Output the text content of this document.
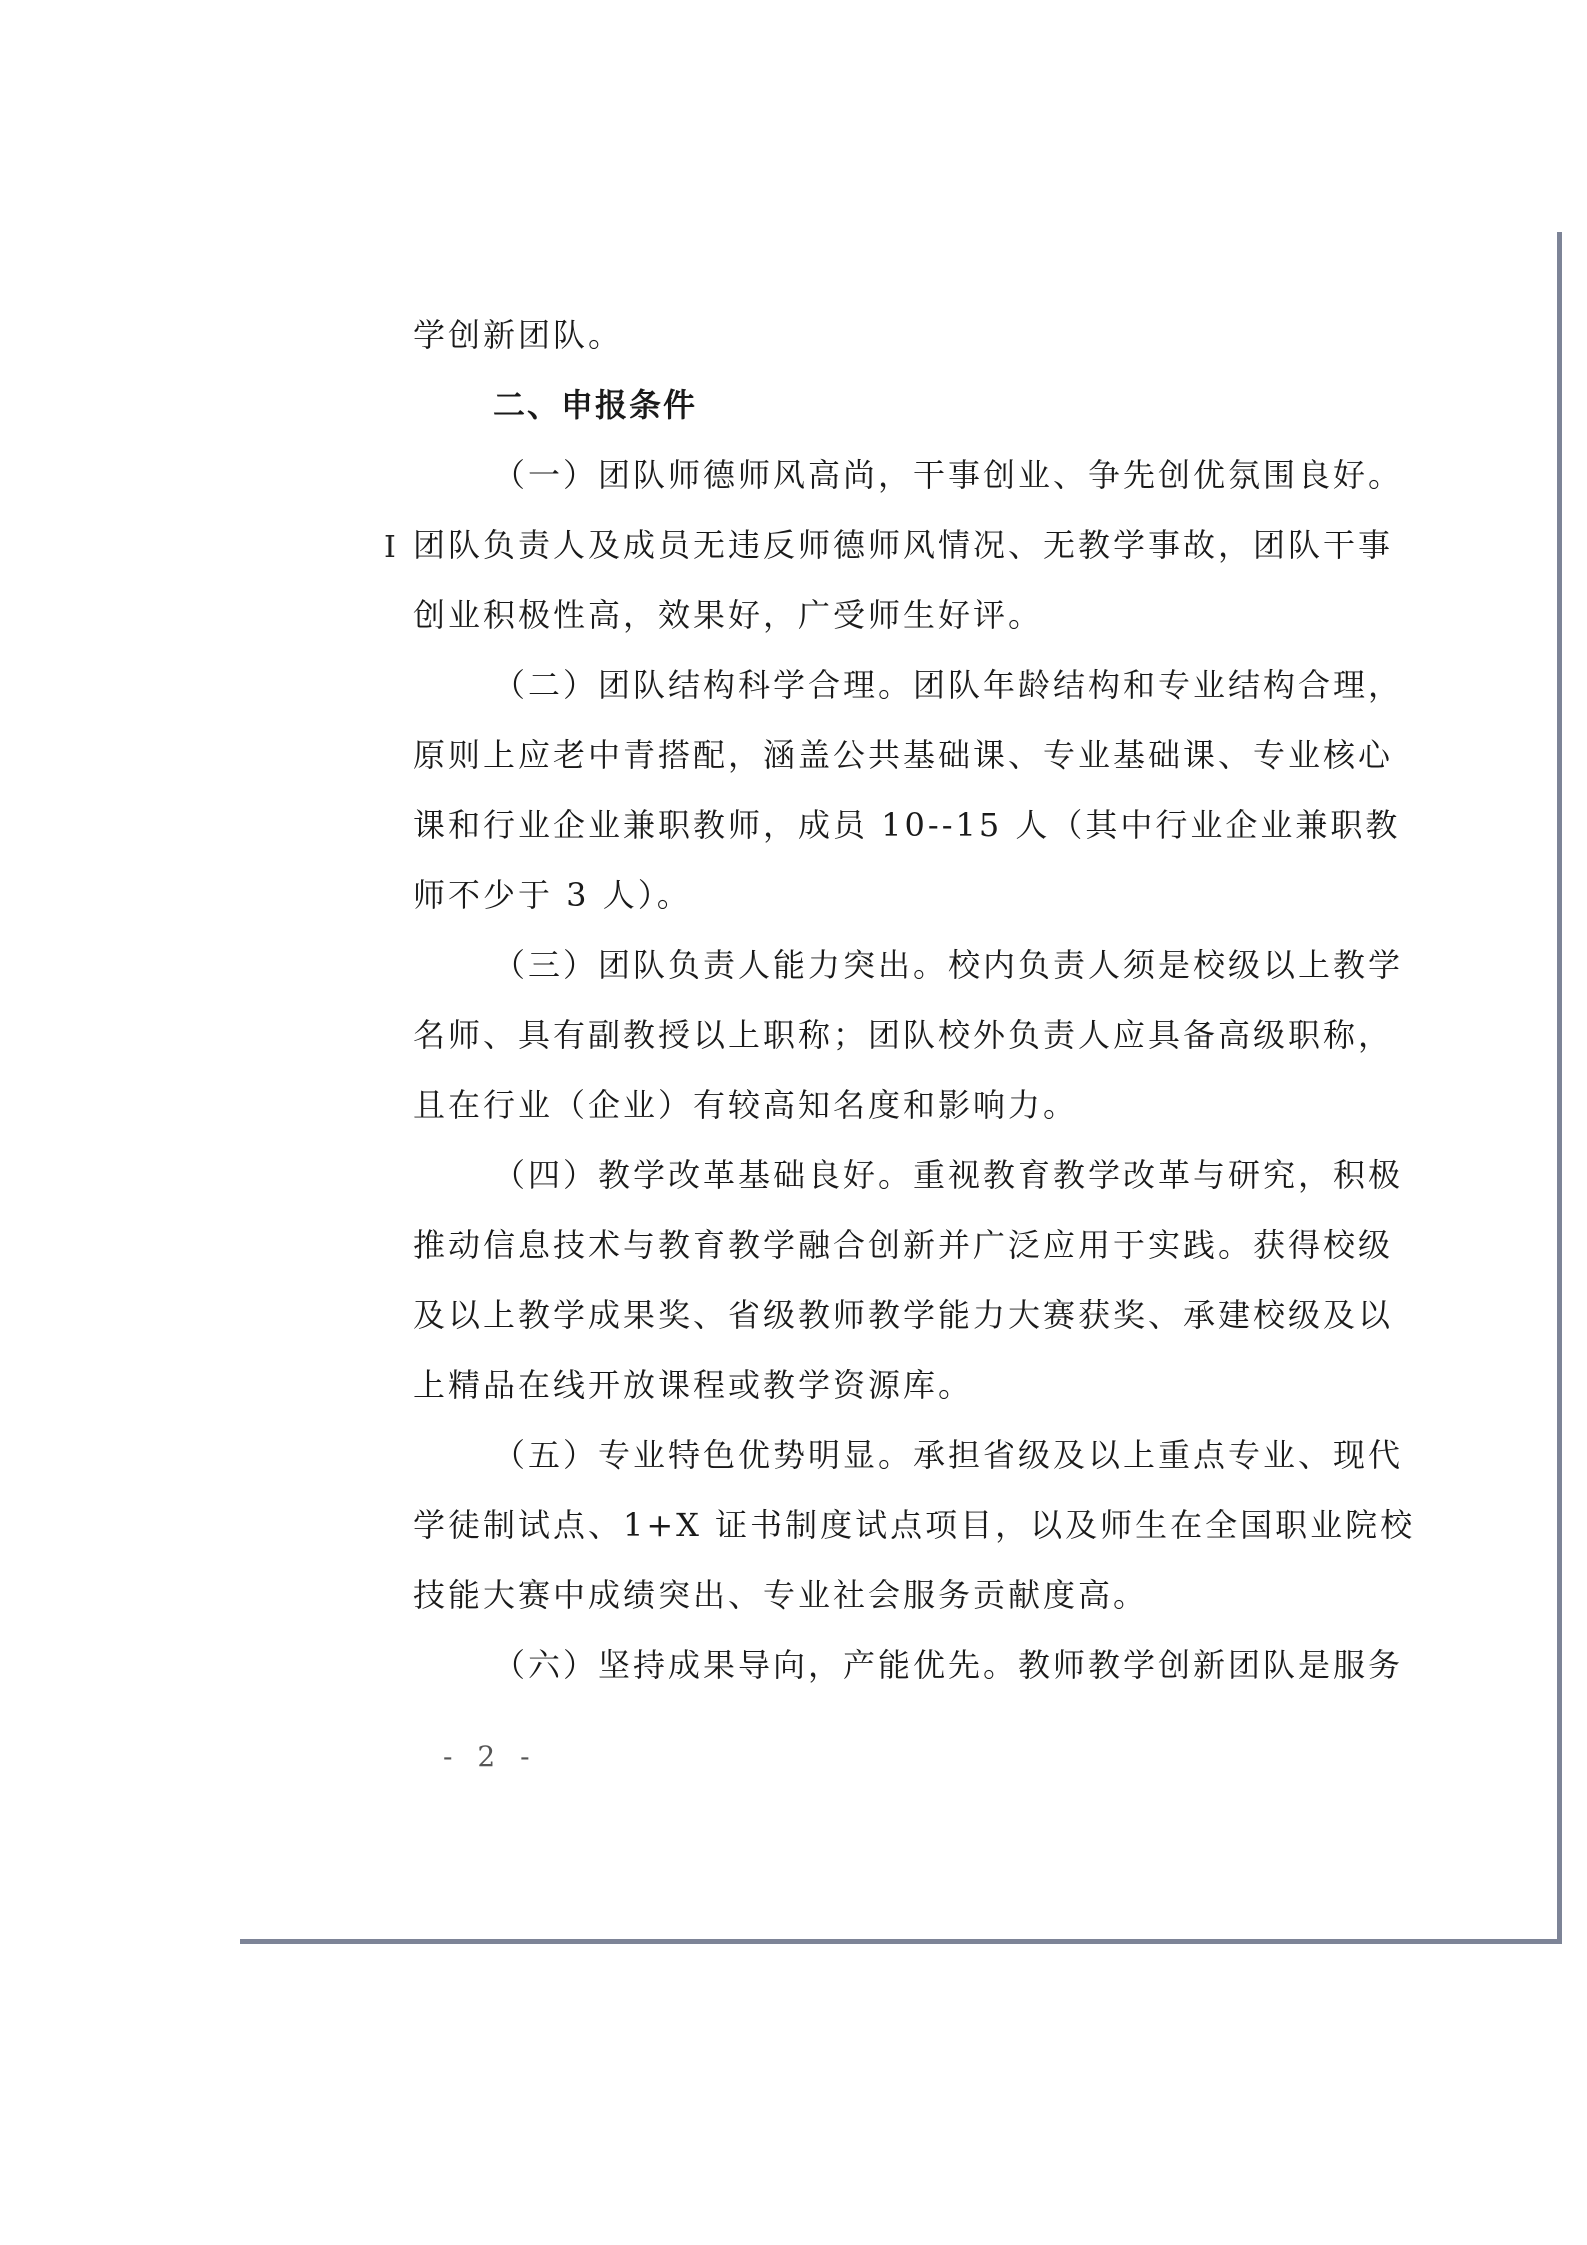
I
学创新团队。
二、申报条件
（一）团队师德师风高尚，干事创业、争先创优氛围良好。
团队负责人及成员无违反师德师风情况、无教学事故，团队干事
创业积极性高，效果好，广受师生好评。
（二）团队结构科学合理。团队年龄结构和专业结构合理，
原则上应老中青搭配，涵盖公共基础课、专业基础课、专业核心
课和行业企业兼职教师，成员 10--15 人（其中行业企业兼职教
师不少于 3 人）。
（三）团队负责人能力突出。校内负责人须是校级以上教学
名师、具有副教授以上职称；团队校外负责人应具备高级职称，
且在行业（企业）有较高知名度和影响力。
（四）教学改革基础良好。重视教育教学改革与研究，积极
推动信息技术与教育教学融合创新并广泛应用于实践。获得校级
及以上教学成果奖、省级教师教学能力大赛获奖、承建校级及以
上精品在线开放课程或教学资源库。
（五）专业特色优势明显。承担省级及以上重点专业、现代
学徒制试点、1+X 证书制度试点项目，以及师生在全国职业院校
技能大赛中成绩突出、专业社会服务贡献度高。
（六）坚持成果导向，产能优先。教师教学创新团队是服务
- 2 -
